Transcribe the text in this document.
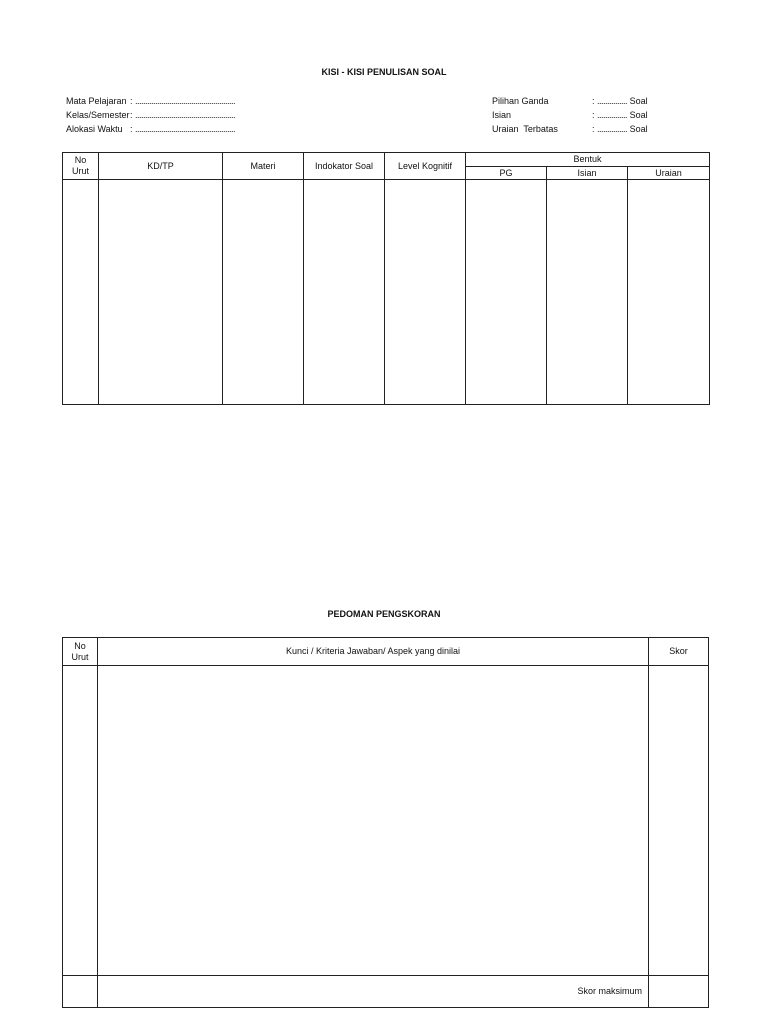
KISI - KISI PENULISAN SOAL
Mata Pelajaran : ..................................................
Kelas/Semester: ..................................................
Alokasi Waktu : ..................................................
Pilihan Ganda	: ............... Soal
Isian	: ............... Soal
Uraian  Terbatas	: ............... Soal
No
Urut	KD/TP	Materi	Indokator Soal	Level Kognitif	Bentuk		
					PG	Isian	Uraian

PEDOMAN PENGSKORAN
No
Urut	Kunci / Kriteria Jawaban/ Aspek yang dinilai	Skor

	Skor maksimum	
